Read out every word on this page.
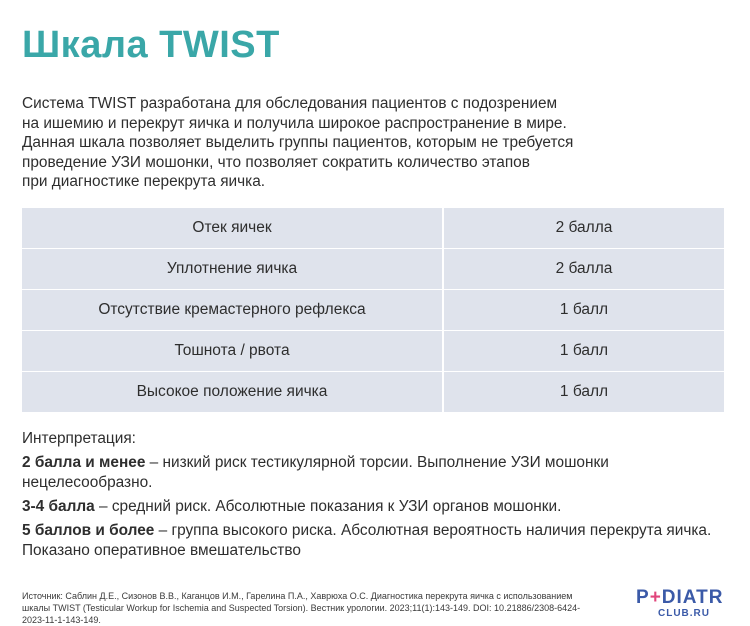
Шкала TWIST
Система TWIST разработана для обследования пациентов с подозрением
на ишемию и перекрут яичка и получила широкое распространение в мире.
Данная шкала позволяет выделить группы пациентов, которым не требуется
проведение УЗИ мошонки, что позволяет сократить количество этапов
при диагностике перекрута яичка.
Отек яичек	2 балла
Уплотнение яичка	2 балла
Отсутствие кремастерного рефлекса	1 балл
Тошнота / рвота	1 балл
Высокое положение яичка	1 балл
Интерпретация:
2 балла и менее – низкий риск тестикулярной торсии. Выполнение УЗИ мошонки нецелесообразно.
3-4 балла – средний риск. Абсолютные показания к УЗИ органов мошонки.
5 баллов и более – группа высокого риска. Абсолютная вероятность наличия перекрута яичка. Показано оперативное вмешательство
Источник: Саблин Д.Е., Сизонов В.В., Каганцов И.М., Гарелина П.А., Хаврюха О.С. Диагностика перекрута яичка с использованием шкалы TWIST (Testicular Workup for Ischemia and Suspected Torsion). Вестник урологии. 2023;11(1):143-149. DOI: 10.21886/2308-6424-2023-11-1-143-149.
P+DIATR
CLUB.RU
